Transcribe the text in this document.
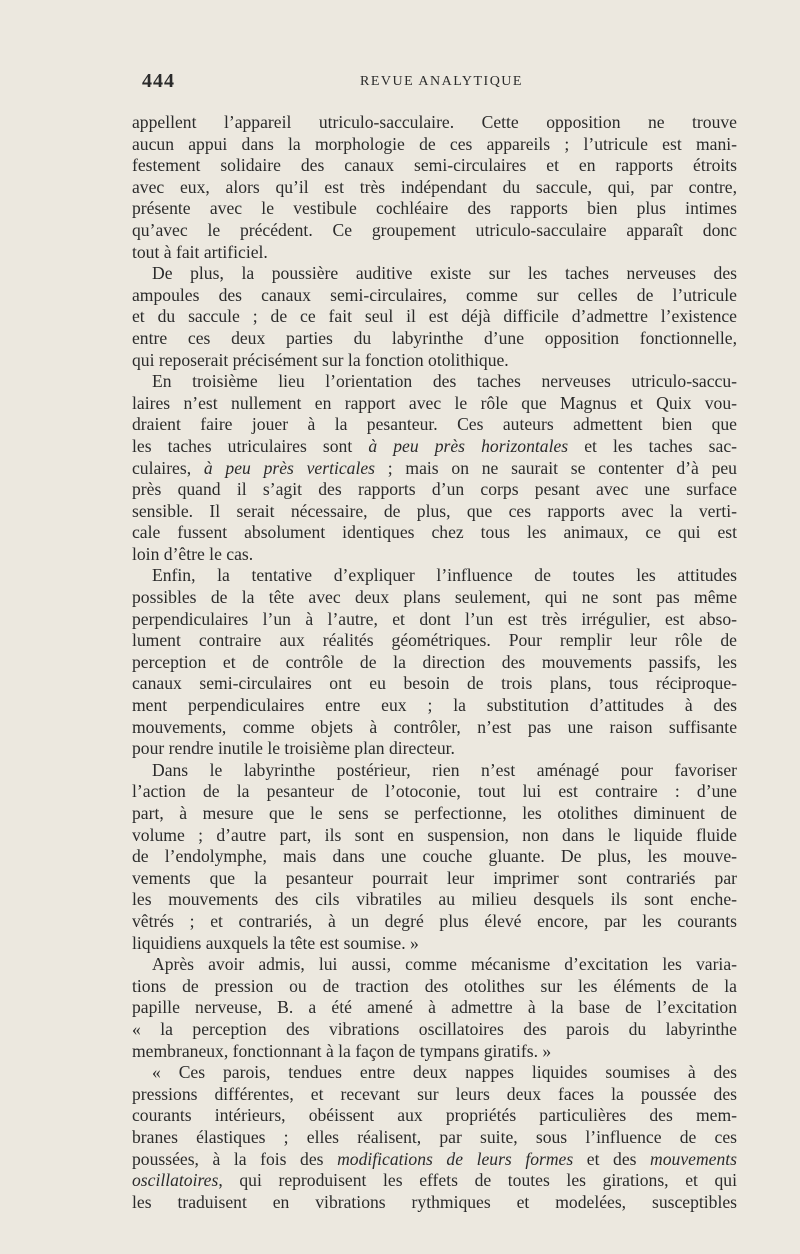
444	REVUE ANALYTIQUE
appellent l’appareil utriculo-sacculaire. Cette opposition ne trouve
aucun appui dans la morphologie de ces appareils ; l’utricule est mani-
festement solidaire des canaux semi-circulaires et en rapports étroits
avec eux, alors qu’il est très indépendant du saccule, qui, par contre,
présente avec le vestibule cochléaire des rapports bien plus intimes
qu’avec le précédent. Ce groupement utriculo-sacculaire apparaît donc
tout à fait artificiel.
De plus, la poussière auditive existe sur les taches nerveuses des
ampoules des canaux semi-circulaires, comme sur celles de l’utricule
et du saccule ; de ce fait seul il est déjà difficile d’admettre l’existence
entre ces deux parties du labyrinthe d’une opposition fonctionnelle,
qui reposerait précisément sur la fonction otolithique.
En troisième lieu l’orientation des taches nerveuses utriculo-saccu-
laires n’est nullement en rapport avec le rôle que Magnus et Quix vou-
draient faire jouer à la pesanteur. Ces auteurs admettent bien que
les taches utriculaires sont à peu près horizontales et les taches sac-
culaires, à peu près verticales ; mais on ne saurait se contenter d’à peu
près quand il s’agit des rapports d’un corps pesant avec une surface
sensible. Il serait nécessaire, de plus, que ces rapports avec la verti-
cale fussent absolument identiques chez tous les animaux, ce qui est
loin d’être le cas.
Enfin, la tentative d’expliquer l’influence de toutes les attitudes
possibles de la tête avec deux plans seulement, qui ne sont pas même
perpendiculaires l’un à l’autre, et dont l’un est très irrégulier, est abso-
lument contraire aux réalités géométriques. Pour remplir leur rôle de
perception et de contrôle de la direction des mouvements passifs, les
canaux semi-circulaires ont eu besoin de trois plans, tous réciproque-
ment perpendiculaires entre eux ; la substitution d’attitudes à des
mouvements, comme objets à contrôler, n’est pas une raison suffisante
pour rendre inutile le troisième plan directeur.
Dans le labyrinthe postérieur, rien n’est aménagé pour favoriser
l’action de la pesanteur de l’otoconie, tout lui est contraire : d’une
part, à mesure que le sens se perfectionne, les otolithes diminuent de
volume ; d’autre part, ils sont en suspension, non dans le liquide fluide
de l’endolymphe, mais dans une couche gluante. De plus, les mouve-
vements que la pesanteur pourrait leur imprimer sont contrariés par
les mouvements des cils vibratiles au milieu desquels ils sont enche-
vêtrés ; et contrariés, à un degré plus élevé encore, par les courants
liquidiens auxquels la tête est soumise. »
Après avoir admis, lui aussi, comme mécanisme d’excitation les varia-
tions de pression ou de traction des otolithes sur les éléments de la
papille nerveuse, B. a été amené à admettre à la base de l’excitation
« la perception des vibrations oscillatoires des parois du labyrinthe
membraneux, fonctionnant à la façon de tympans giratifs. »
« Ces parois, tendues entre deux nappes liquides soumises à des
pressions différentes, et recevant sur leurs deux faces la poussée des
courants intérieurs, obéissent aux propriétés particulières des mem-
branes élastiques ; elles réalisent, par suite, sous l’influence de ces
poussées, à la fois des modifications de leurs formes et des mouvements
oscillatoires, qui reproduisent les effets de toutes les girations, et qui
les traduisent en vibrations rythmiques et modelées, susceptibles
